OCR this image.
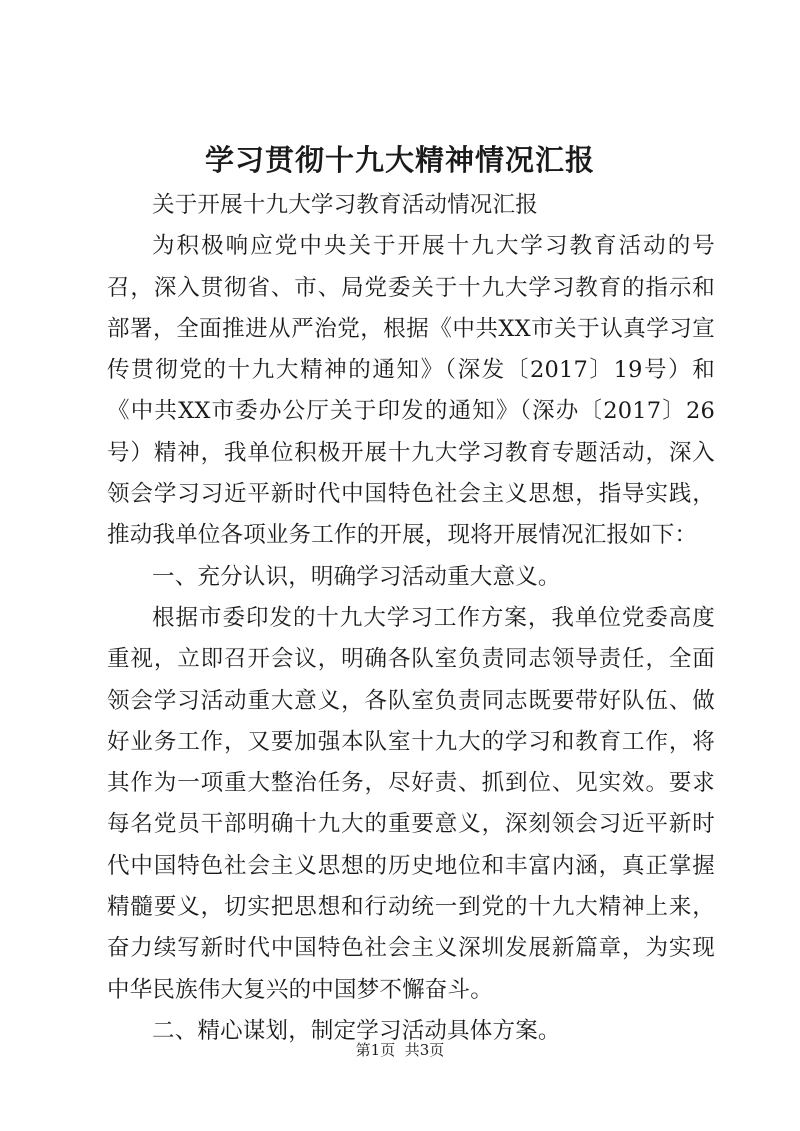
学习贯彻十九大精神情况汇报

关于开展十九大学习教育活动情况汇报

为积极响应党中央关于开展十九大学习教育活动的号召，深入贯彻省、市、局党委关于十九大学习教育的指示和部署，全面推进从严治党，根据《中共XX市关于认真学习宣传贯彻党的十九大精神的通知》（深发〔2017〕19号）和《中共XX市委办公厅关于印发的通知》（深办〔2017〕26号）精神，我单位积极开展十九大学习教育专题活动，深入领会学习习近平新时代中国特色社会主义思想，指导实践，推动我单位各项业务工作的开展，现将开展情况汇报如下：

一、充分认识，明确学习活动重大意义。

根据市委印发的十九大学习工作方案，我单位党委高度重视，立即召开会议，明确各队室负责同志领导责任，全面领会学习活动重大意义，各队室负责同志既要带好队伍、做好业务工作，又要加强本队室十九大的学习和教育工作，将其作为一项重大整治任务，尽好责、抓到位、见实效。要求每名党员干部明确十九大的重要意义，深刻领会习近平新时代中国特色社会主义思想的历史地位和丰富内涵，真正掌握精髓要义，切实把思想和行动统一到党的十九大精神上来，奋力续写新时代中国特色社会主义深圳发展新篇章，为实现中华民族伟大复兴的中国梦不懈奋斗。

二、精心谋划，制定学习活动具体方案。

第1页 共3页
